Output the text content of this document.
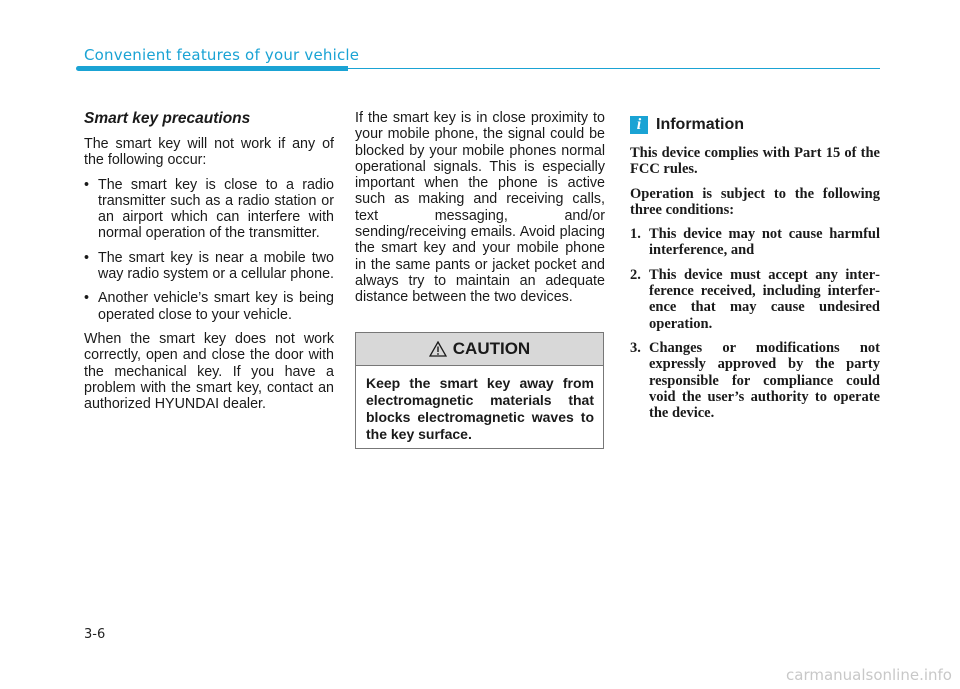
Convenient features of your vehicle
Smart key precautions

The smart key will not work if any of the following occur:

• The smart key is close to a radio transmitter such as a radio station or an airport which can interfere with normal operation of the transmitter.
• The smart key is near a mobile two way radio system or a cellular phone.
• Another vehicle’s smart key is being operated close to your vehicle.

When the smart key does not work correctly, open and close the door with the mechanical key. If you have a problem with the smart key, contact an authorized HYUNDAI dealer.

If the smart key is in close proximity to your mobile phone, the signal could be blocked by your mobile phones normal operational signals. This is especially important when the phone is active such as making and receiving calls, text messaging, and/or sending/receiving emails. Avoid placing the smart key and your mobile phone in the same pants or jacket pocket and always try to maintain an adequate distance between the two devices.

CAUTION
Keep the smart key away from electromagnetic materials that blocks electromagnetic waves to the key surface.
i Information

This device complies with Part 15 of the FCC rules.

Operation is subject to the following three conditions:

1. This device may not cause harmful interference, and
2. This device must accept any interference received, including interference that may cause undesired operation.
3. Changes or modifications not expressly approved by the party responsible for compliance could void the user’s authority to operate the device.
3-6
carmanualsonline.info
